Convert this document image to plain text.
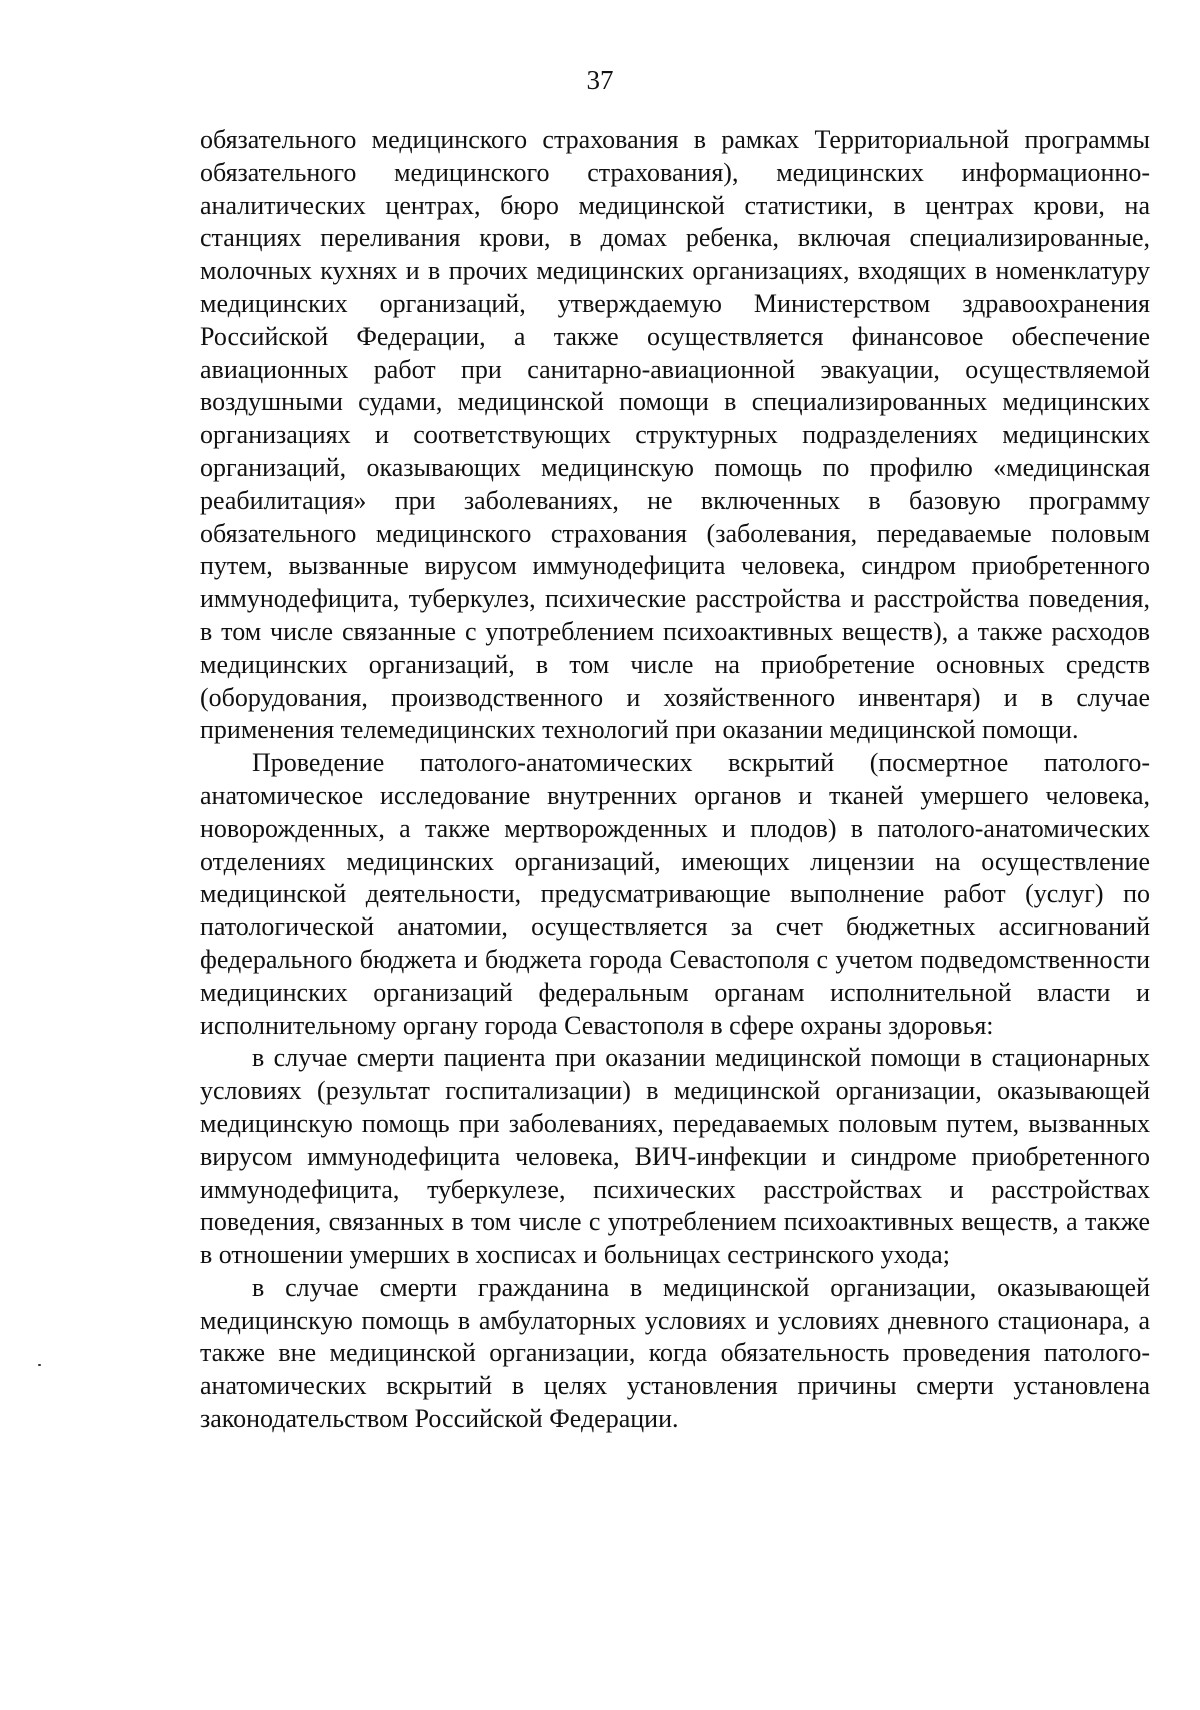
37

обязательного медицинского страхования в рамках Территориальной программы обязательного медицинского страхования), медицинских информационно-аналитических центрах, бюро медицинской статистики, в центрах крови, на станциях переливания крови, в домах ребенка, включая специализированные, молочных кухнях и в прочих медицинских организациях, входящих в номенклатуру медицинских организаций, утверждаемую Министерством здравоохранения Российской Федерации, а также осуществляется финансовое обеспечение авиационных работ при санитарно-авиационной эвакуации, осуществляемой воздушными судами, медицинской помощи в специализированных медицинских организациях и соответствующих структурных подразделениях медицинских организаций, оказывающих медицинскую помощь по профилю «медицинская реабилитация» при заболеваниях, не включенных в базовую программу обязательного медицинского страхования (заболевания, передаваемые половым путем, вызванные вирусом иммунодефицита человека, синдром приобретенного иммунодефицита, туберкулез, психические расстройства и расстройства поведения, в том числе связанные с употреблением психоактивных веществ), а также расходов медицинских организаций, в том числе на приобретение основных средств (оборудования, производственного и хозяйственного инвентаря) и в случае применения телемедицинских технологий при оказании медицинской помощи.

Проведение патолого-анатомических вскрытий (посмертное патолого-анатомическое исследование внутренних органов и тканей умершего человека, новорожденных, а также мертворожденных и плодов) в патолого-анатомических отделениях медицинских организаций, имеющих лицензии на осуществление медицинской деятельности, предусматривающие выполнение работ (услуг) по патологической анатомии, осуществляется за счет бюджетных ассигнований федерального бюджета и бюджета города Севастополя с учетом подведомственности медицинских организаций федеральным органам исполнительной власти и исполнительному органу города Севастополя в сфере охраны здоровья:

в случае смерти пациента при оказании медицинской помощи в стационарных условиях (результат госпитализации) в медицинской организации, оказывающей медицинскую помощь при заболеваниях, передаваемых половым путем, вызванных вирусом иммунодефицита человека, ВИЧ-инфекции и синдроме приобретенного иммунодефицита, туберкулезе, психических расстройствах и расстройствах поведения, связанных в том числе с употреблением психоактивных веществ, а также в отношении умерших в хосписах и больницах сестринского ухода;

в случае смерти гражданина в медицинской организации, оказывающей медицинскую помощь в амбулаторных условиях и условиях дневного стационара, а также вне медицинской организации, когда обязательность проведения патолого-анатомических вскрытий в целях установления причины смерти установлена законодательством Российской Федерации.
